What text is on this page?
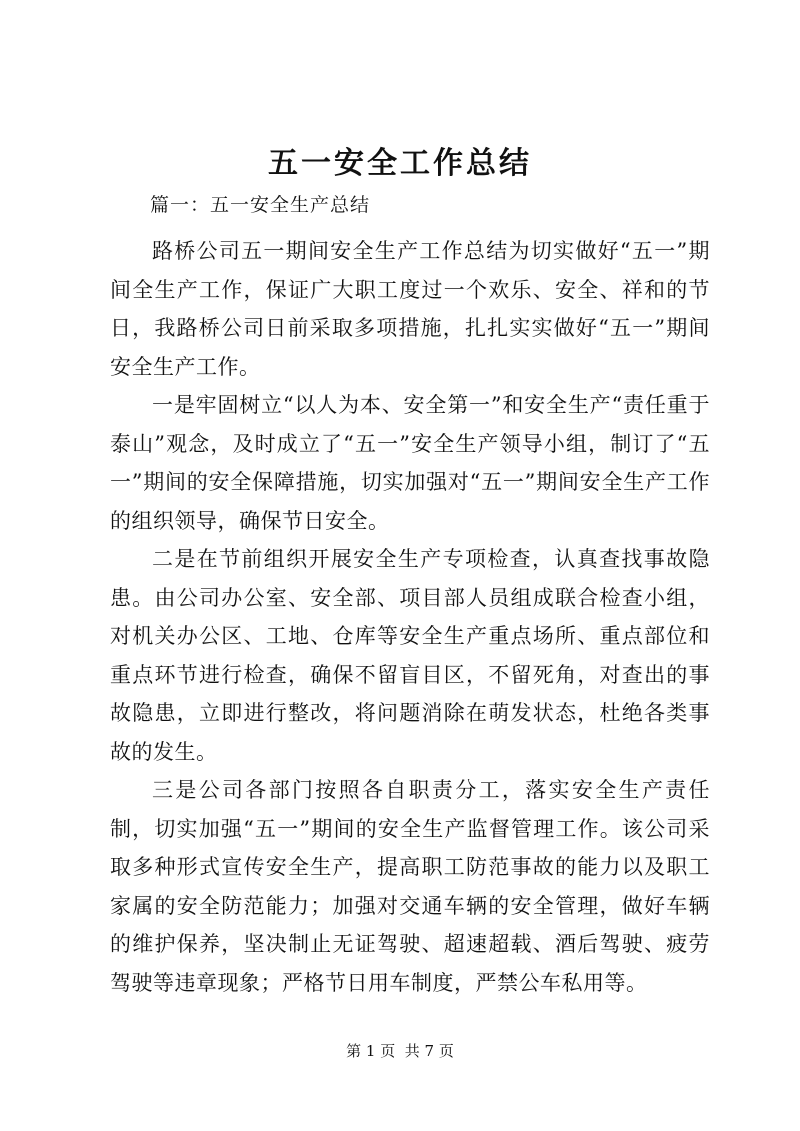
五一安全工作总结

篇一：五一安全生产总结

路桥公司五一期间安全生产工作总结为切实做好“五一”期间全生产工作，保证广大职工度过一个欢乐、安全、祥和的节日，我路桥公司日前采取多项措施，扎扎实实做好“五一”期间安全生产工作。

一是牢固树立“以人为本、安全第一”和安全生产“责任重于泰山”观念，及时成立了“五一”安全生产领导小组，制订了“五一”期间的安全保障措施，切实加强对“五一”期间安全生产工作的组织领导，确保节日安全。

二是在节前组织开展安全生产专项检查，认真查找事故隐患。由公司办公室、安全部、项目部人员组成联合检查小组，对机关办公区、工地、仓库等安全生产重点场所、重点部位和重点环节进行检查，确保不留盲目区，不留死角，对查出的事故隐患，立即进行整改，将问题消除在萌发状态，杜绝各类事故的发生。

三是公司各部门按照各自职责分工，落实安全生产责任制，切实加强“五一”期间的安全生产监督管理工作。该公司采取多种形式宣传安全生产，提高职工防范事故的能力以及职工家属的安全防范能力；加强对交通车辆的安全管理，做好车辆的维护保养，坚决制止无证驾驶、超速超载、酒后驾驶、疲劳驾驶等违章现象；严格节日用车制度，严禁公车私用等。

第 1 页  共 7 页
